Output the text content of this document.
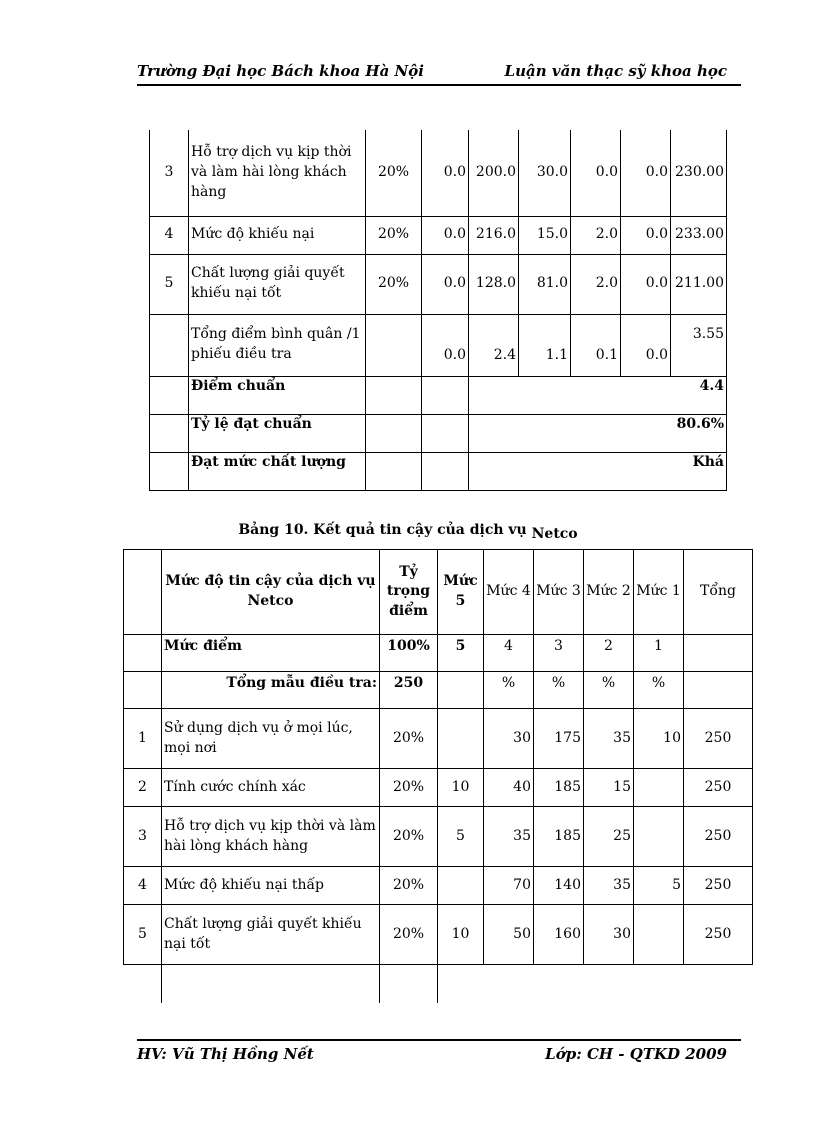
Trường Đại học Bách khoa Hà Nội	Luận văn thạc sỹ khoa học
3	Hỗ trợ dịch vụ kịp thời và làm hài lòng khách hàng	20%	0.0	200.0	30.0	0.0	0.0	230.00
4	Mức độ khiếu nại	20%	0.0	216.0	15.0	2.0	0.0	233.00
5	Chất lượng giải quyết khiếu nại tốt	20%	0.0	128.0	81.0	2.0	0.0	211.00
	Tổng điểm bình quân /1 phiếu điều tra		0.0	2.4	1.1	0.1	0.0	3.55
	Điểm chuẩn			4.4				
	Tỷ lệ đạt chuẩn			80.6%				
	Đạt mức chất lượng			Khá				
Bảng 10. Kết quả tin cậy của dịch vụ Netco
	Mức độ tin cậy của dịch vụ Netco	Tỷ trọng điểm	Mức 5	Mức 4	Mức 3	Mức 2	Mức 1	Tổng
	Mức điểm	100%	5	4	3	2	1	
	Tổng mẫu điều tra:	250		%	%	%	%	
1	Sử dụng dịch vụ ở mọi lúc, mọi nơi	20%		30	175	35	10	250
2	Tính cước chính xác	20%	10	40	185	15		250
3	Hỗ trợ dịch vụ kịp thời và làm hài lòng khách hàng	20%	5	35	185	25		250
4	Mức độ khiếu nại thấp	20%		70	140	35	5	250
5	Chất lượng giải quyết khiếu nại tốt	20%	10	50	160	30		250
HV: Vũ Thị Hồng Nết	Lớp: CH - QTKD 2009
